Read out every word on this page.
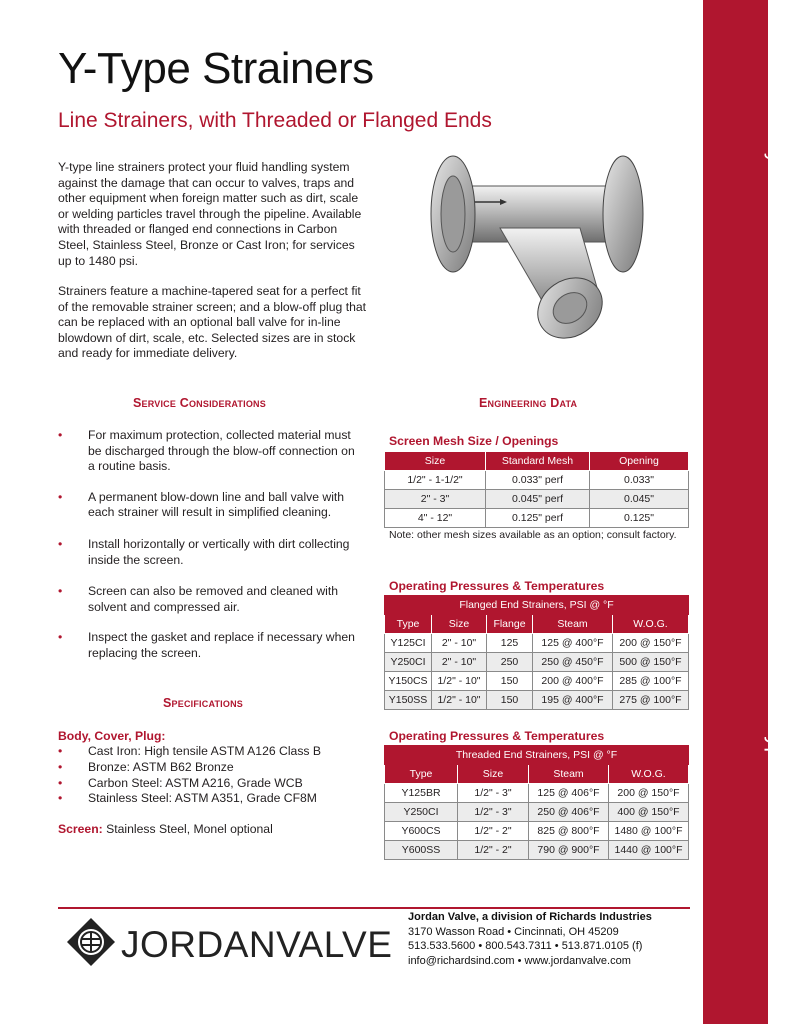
Accessory Products
Y-Type Strainers
Y-Type Strainers
Line Strainers, with Threaded or Flanged Ends

Y-type line strainers protect your fluid handling system against the damage that can occur to valves, traps and other equipment when foreign matter such as dirt, scale or welding particles travel through the pipeline. Available with threaded or flanged end connections in Carbon Steel, Stainless Steel, Bronze or Cast Iron; for services up to 1480 psi.

Strainers feature a machine-tapered seat for a perfect fit of the removable strainer screen; and a blow-off plug that can be replaced with an optional ball valve for in-line blowdown of dirt, scale, etc. Selected sizes are in stock and ready for immediate delivery.

Service Considerations
• For maximum protection, collected material must be discharged through the blow-off connection on a routine basis.
• A permanent blow-down line and ball valve with each strainer will result in simplified cleaning.
• Install horizontally or vertically with dirt collecting inside the screen.
• Screen can also be removed and cleaned with solvent and compressed air.
• Inspect the gasket and replace if necessary when replacing the screen.
Specifications
Body, Cover, Plug:
• Cast Iron: High tensile ASTM A126 Class B
• Bronze: ASTM B62 Bronze
• Carbon Steel: ASTM A216, Grade WCB
• Stainless Steel: ASTM A351, Grade CF8M
Screen: Stainless Steel, Monel optional
Engineering Data
Screen Mesh Size / Openings
Size	Standard Mesh	Opening
1/2" - 1-1/2"	0.033" perf	0.033"
2" - 3"	0.045" perf	0.045"
4" - 12"	0.125" perf	0.125"
Note: other mesh sizes available as an option; consult factory.
Operating Pressures & Temperatures
Flanged End Strainers, PSI @ °F				
Type	Size	Flange	Steam	W.O.G.
Y125CI	2" - 10"	125	125 @ 400°F	200 @ 150°F
Y250CI	2" - 10"	250	250 @ 450°F	500 @ 150°F
Y150CS	1/2" - 10"	150	200 @ 400°F	285 @ 100°F
Y150SS	1/2" - 10"	150	195 @ 400°F	275 @ 100°F
Operating Pressures & Temperatures
Threaded End Strainers, PSI @ °F			
Type	Size	Steam	W.O.G.
Y125BR	1/2" - 3"	125 @ 406°F	200 @ 150°F
Y250CI	1/2" - 3"	250 @ 406°F	400 @ 150°F
Y600CS	1/2" - 2"	825 @ 800°F	1480 @ 100°F
Y600SS	1/2" - 2"	790 @ 900°F	1440 @ 100°F
JORDANVALVE
Jordan Valve, a division of Richards Industries
3170 Wasson Road • Cincinnati, OH 45209
513.533.5600 • 800.543.7311 • 513.871.0105 (f)
info@richardsind.com • www.jordanvalve.com
